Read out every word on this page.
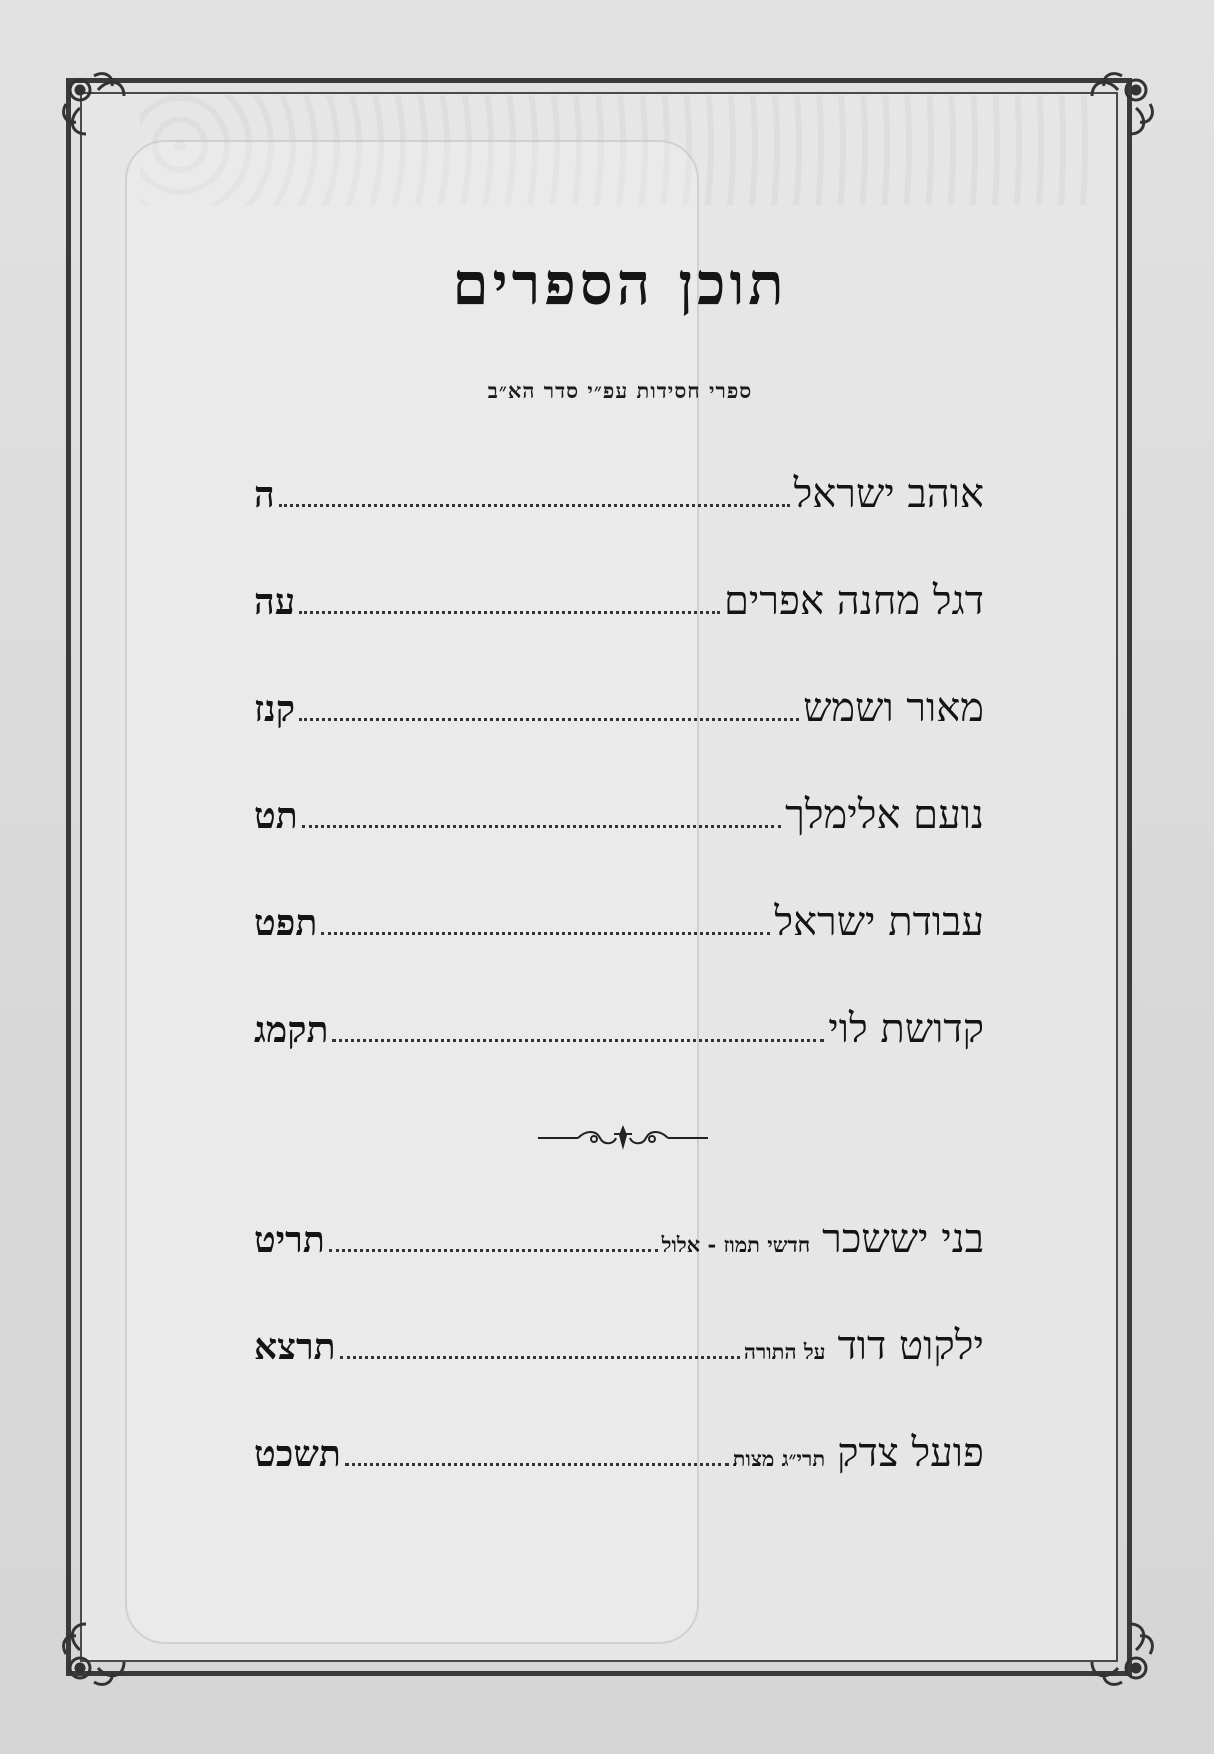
תוכן הספרים
ספרי חסידות עפ״י סדר הא״ב
אוהב ישראל
ה
דגל מחנה אפרים
עה
מאור ושמש
קנז
נועם אלימלך
תט
עבודת ישראל
תפט
קדושת לוי
תקמג
בני יששכר
חדשי תמוז - אלול
תריט
ילקוט דוד
על התורה
תרצא
פועל צדק
תרי״ג מצות
תשכט
